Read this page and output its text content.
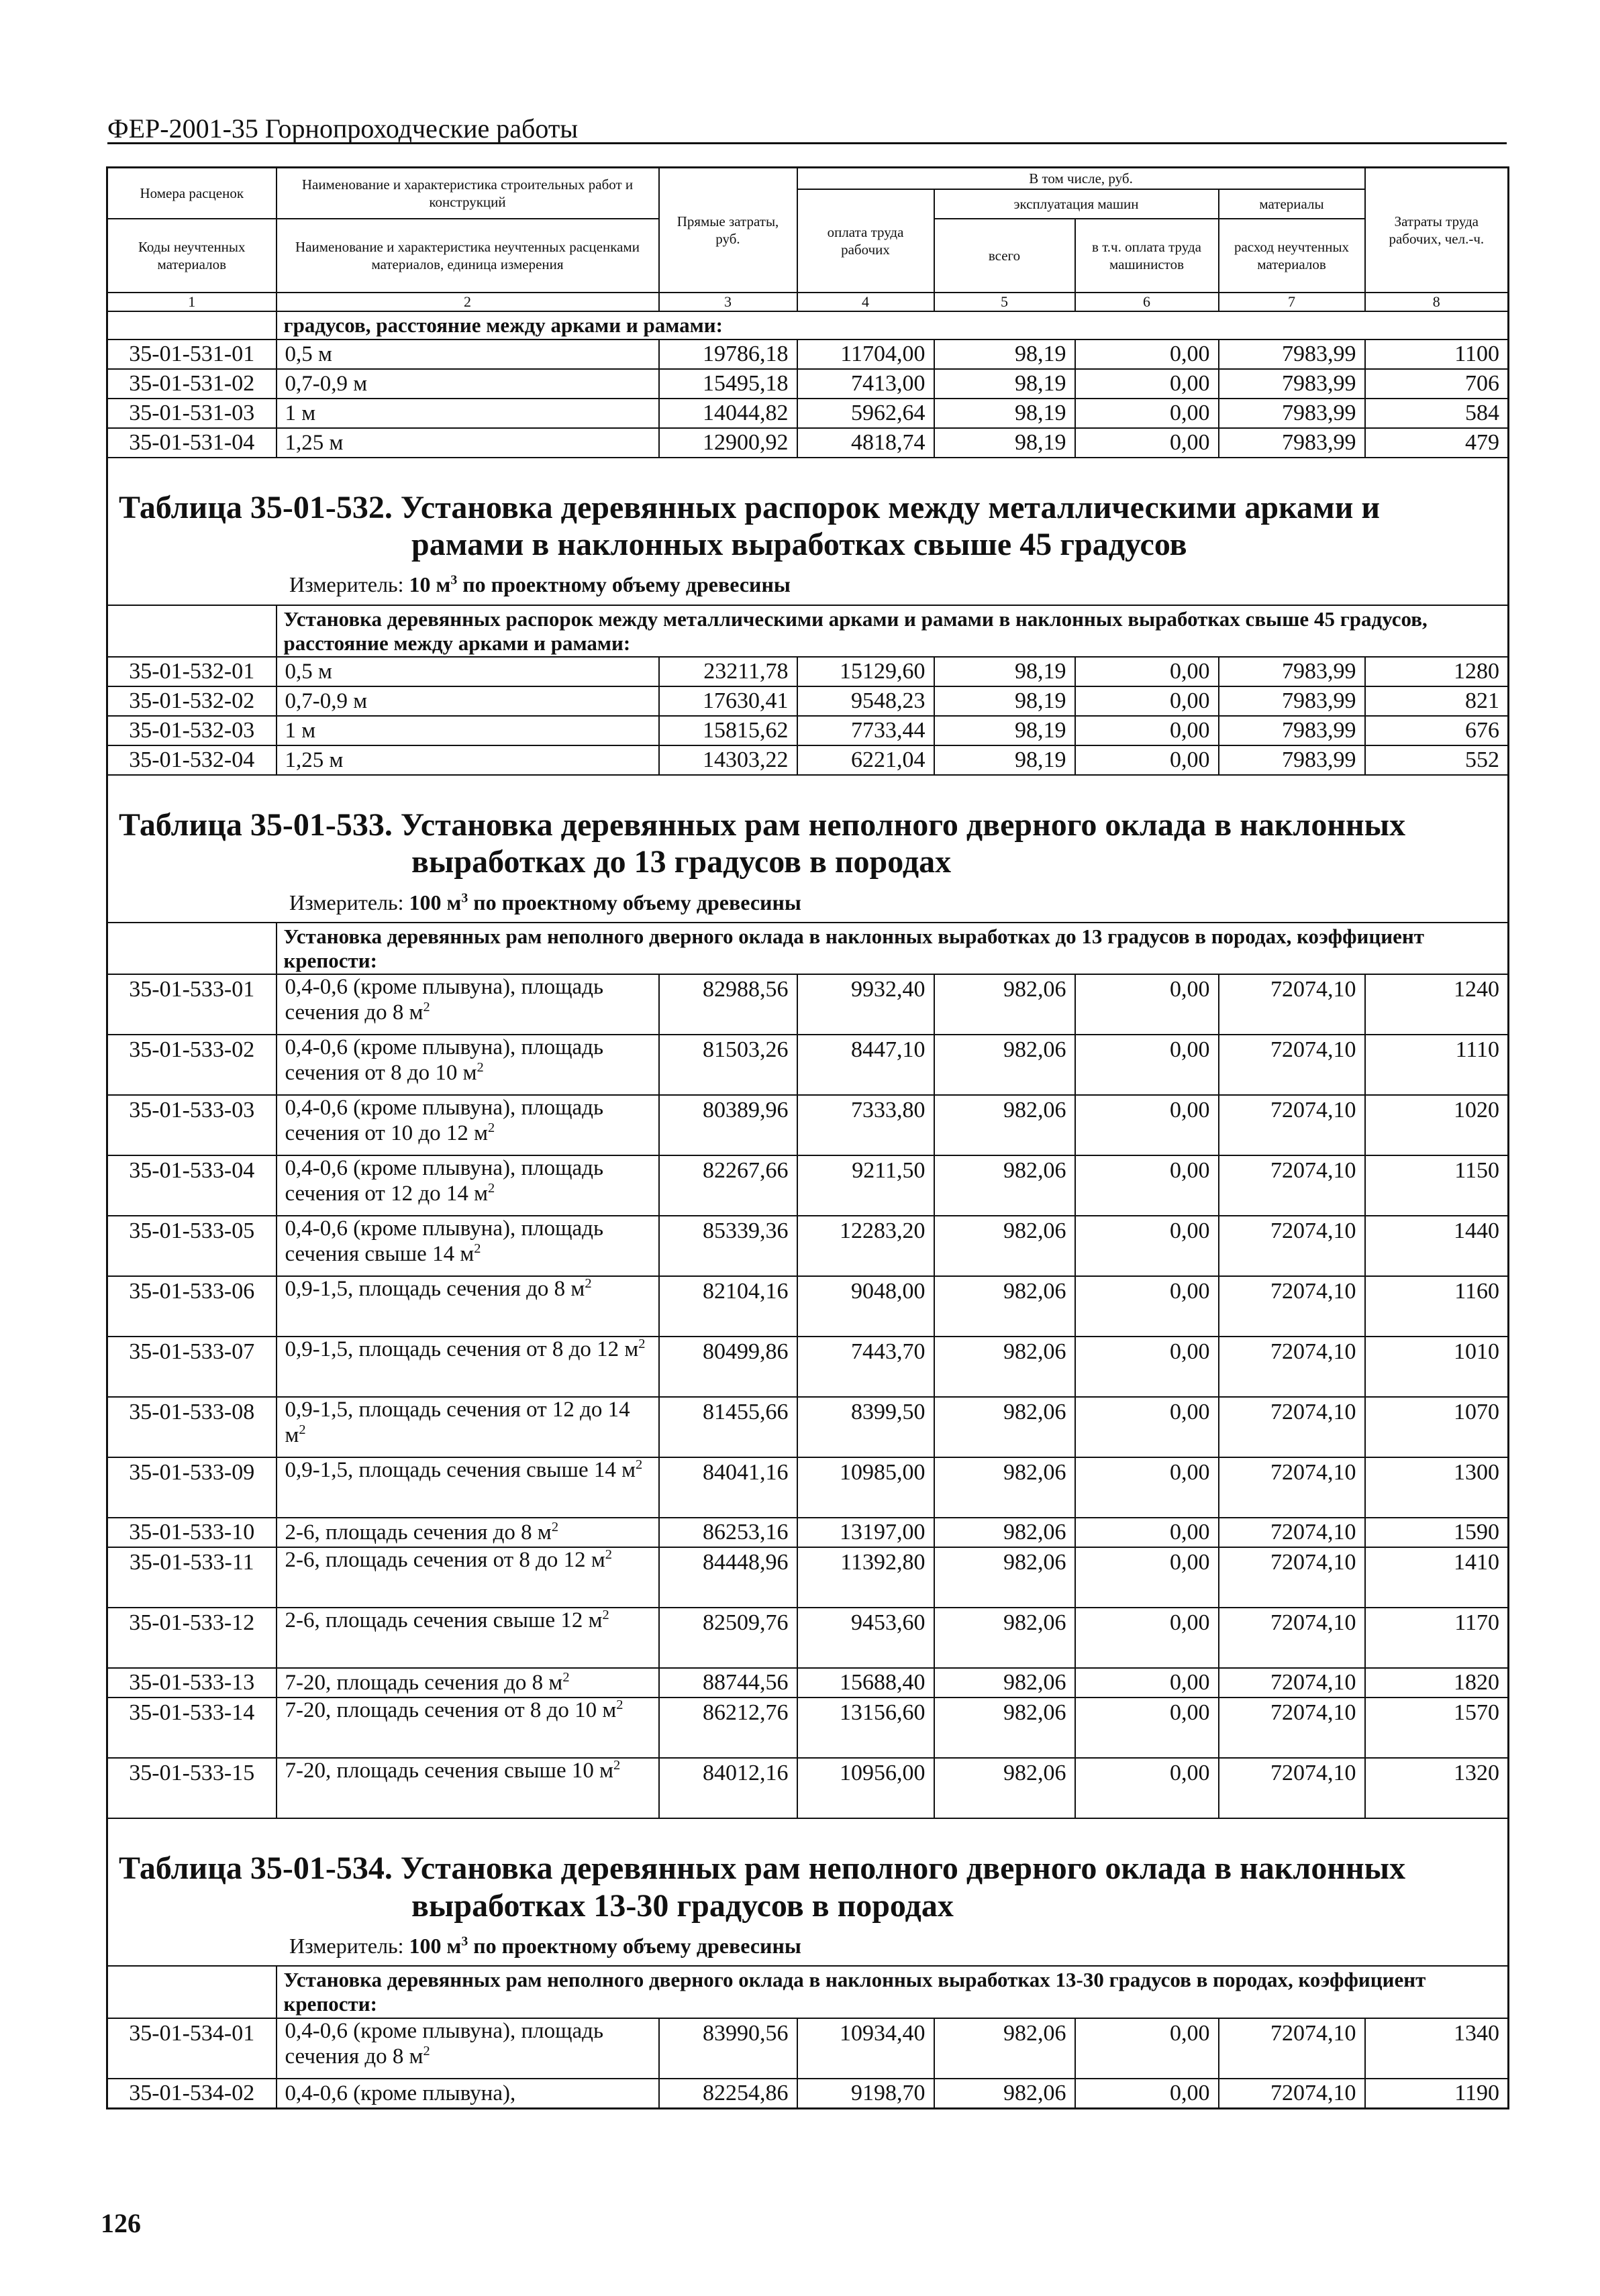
ФЕР-2001-35 Горнопроходческие работы
Номера расценок	Наименование и характеристика строительных работ и конструкций	Прямые затраты, руб.	В том числе, руб.				Затраты труда рабочих, чел.-ч.
			оплата труда рабочих	эксплуатация машин		материалы	
Коды неучтенных материалов	Наименование и характеристика неучтенных расценками материалов, единица измерения			всего	в т.ч. оплата труда машинистов	расход неучтенных материалов	

1	2	3	4	5	6	7	8
	градусов, расстояние между арками и рамами:						
35-01-531-01	0,5 м	19786,18	11704,00	98,19	0,00	7983,99	1100
35-01-531-02	0,7-0,9 м	15495,18	7413,00	98,19	0,00	7983,99	706
35-01-531-03	1 м	14044,82	5962,64	98,19	0,00	7983,99	584
35-01-531-04	1,25 м	12900,92	4818,74	98,19	0,00	7983,99	479

Таблица 35-01-532. Установка деревянных распорок между металлическими арками и
рамами в наклонных выработках свыше 45 градусов
Измеритель: 10 $м^3$ по проектному объему древесины							

	Установка деревянных распорок между металлическими арками и рамами в наклонных выработках свыше 45 градусов, расстояние между арками и рамами:						
35-01-532-01	0,5 м	23211,78	15129,60	98,19	0,00	7983,99	1280
35-01-532-02	0,7-0,9 м	17630,41	9548,23	98,19	0,00	7983,99	821
35-01-532-03	1 м	15815,62	7733,44	98,19	0,00	7983,99	676
35-01-532-04	1,25 м	14303,22	6221,04	98,19	0,00	7983,99	552

Таблица 35-01-533. Установка деревянных рам неполного дверного оклада в наклонных
выработках до 13 градусов в породах
Измеритель: 100 $м^3$ по проектному объему древесины							

	Установка деревянных рам неполного дверного оклада в наклонных выработках до 13 градусов в породах, коэффициент крепости:						
35-01-533-01	0,4-0,6 (кроме плывуна), площадь сечения до 8 $м^2$	82988,56	9932,40	982,06	0,00	72074,10	1240
35-01-533-02	0,4-0,6 (кроме плывуна), площадь сечения от 8 до 10 $м^2$	81503,26	8447,10	982,06	0,00	72074,10	1110
35-01-533-03	0,4-0,6 (кроме плывуна), площадь сечения от 10 до 12 $м^2$	80389,96	7333,80	982,06	0,00	72074,10	1020
35-01-533-04	0,4-0,6 (кроме плывуна), площадь сечения от 12 до 14 $м^2$	82267,66	9211,50	982,06	0,00	72074,10	1150
35-01-533-05	0,4-0,6 (кроме плывуна), площадь сечения свыше 14 $м^2$	85339,36	12283,20	982,06	0,00	72074,10	1440
35-01-533-06	0,9-1,5, площадь сечения до 8 $м^2$	82104,16	9048,00	982,06	0,00	72074,10	1160
35-01-533-07	0,9-1,5, площадь сечения от 8 до 12 $м^2$	80499,86	7443,70	982,06	0,00	72074,10	1010
35-01-533-08	0,9-1,5, площадь сечения от 12 до 14 $м^2$	81455,66	8399,50	982,06	0,00	72074,10	1070
35-01-533-09	0,9-1,5, площадь сечения свыше 14 $м^2$	84041,16	10985,00	982,06	0,00	72074,10	1300
35-01-533-10	2-6, площадь сечения до 8 $м^2$	86253,16	13197,00	982,06	0,00	72074,10	1590
35-01-533-11	2-6, площадь сечения от 8 до 12 $м^2$	84448,96	11392,80	982,06	0,00	72074,10	1410
35-01-533-12	2-6, площадь сечения свыше 12 $м^2$	82509,76	9453,60	982,06	0,00	72074,10	1170
35-01-533-13	7-20, площадь сечения до 8 $м^2$	88744,56	15688,40	982,06	0,00	72074,10	1820
35-01-533-14	7-20, площадь сечения от 8 до 10 $м^2$	86212,76	13156,60	982,06	0,00	72074,10	1570
35-01-533-15	7-20, площадь сечения свыше 10 $м^2$	84012,16	10956,00	982,06	0,00	72074,10	1320

Таблица 35-01-534. Установка деревянных рам неполного дверного оклада в наклонных
выработках 13-30 градусов в породах
Измеритель: 100 $м^3$ по проектному объему древесины							

	Установка деревянных рам неполного дверного оклада в наклонных выработках 13-30 градусов в породах, коэффициент крепости:						
35-01-534-01	0,4-0,6 (кроме плывуна), площадь сечения до 8 $м^2$	83990,56	10934,40	982,06	0,00	72074,10	1340
35-01-534-02	0,4-0,6 (кроме плывуна),	82254,86	9198,70	982,06	0,00	72074,10	1190
126
